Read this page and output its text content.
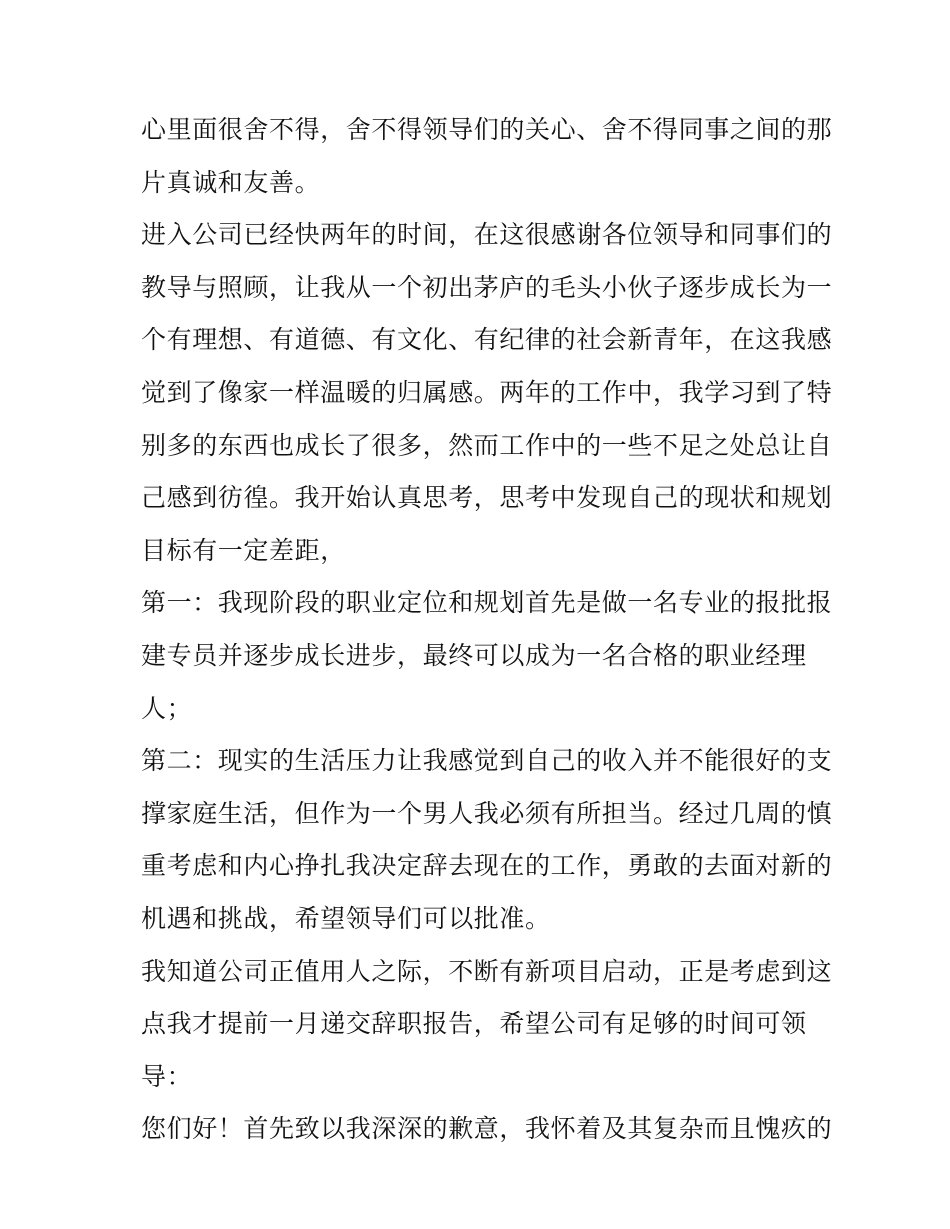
心里面很舍不得，舍不得领导们的关心、舍不得同事之间的那
片真诚和友善。
进入公司已经快两年的时间，在这很感谢各位领导和同事们的
教导与照顾，让我从一个初出茅庐的毛头小伙子逐步成长为一
个有理想、有道德、有文化、有纪律的社会新青年，在这我感
觉到了像家一样温暖的归属感。两年的工作中，我学习到了特
别多的东西也成长了很多，然而工作中的一些不足之处总让自
己感到彷徨。我开始认真思考，思考中发现自己的现状和规划
目标有一定差距，
第一：我现阶段的职业定位和规划首先是做一名专业的报批报
建专员并逐步成长进步，最终可以成为一名合格的职业经理
人；
第二：现实的生活压力让我感觉到自己的收入并不能很好的支
撑家庭生活，但作为一个男人我必须有所担当。经过几周的慎
重考虑和内心挣扎我决定辞去现在的工作，勇敢的去面对新的
机遇和挑战，希望领导们可以批准。
我知道公司正值用人之际，不断有新项目启动，正是考虑到这
点我才提前一月递交辞职报告，希望公司有足够的时间可领
导：
您们好！首先致以我深深的歉意，我怀着及其复杂而且愧疚的
